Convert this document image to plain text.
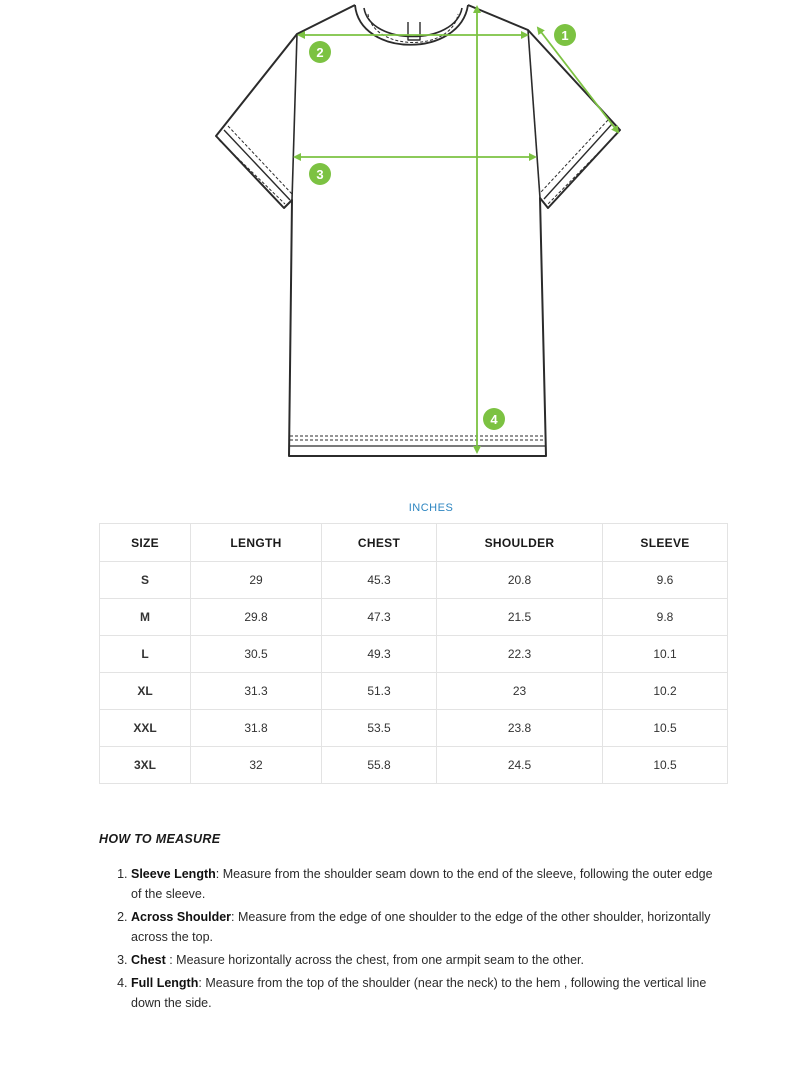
1
2
3
4
INCHES
SIZE	LENGTH	CHEST	SHOULDER	SLEEVE
S	29	45.3	20.8	9.6
M	29.8	47.3	21.5	9.8
L	30.5	49.3	22.3	10.1
XL	31.3	51.3	23	10.2
XXL	31.8	53.5	23.8	10.5
3XL	32	55.8	24.5	10.5
HOW TO MEASURE
1. Sleeve Length: Measure from the shoulder seam down to the end of the sleeve, following the outer edge of the sleeve.
2. Across Shoulder: Measure from the edge of one shoulder to the edge of the other shoulder, horizontally across the top.
3. Chest : Measure horizontally across the chest, from one armpit seam to the other.
4. Full Length: Measure from the top of the shoulder (near the neck) to the hem , following the vertical line down the side.
